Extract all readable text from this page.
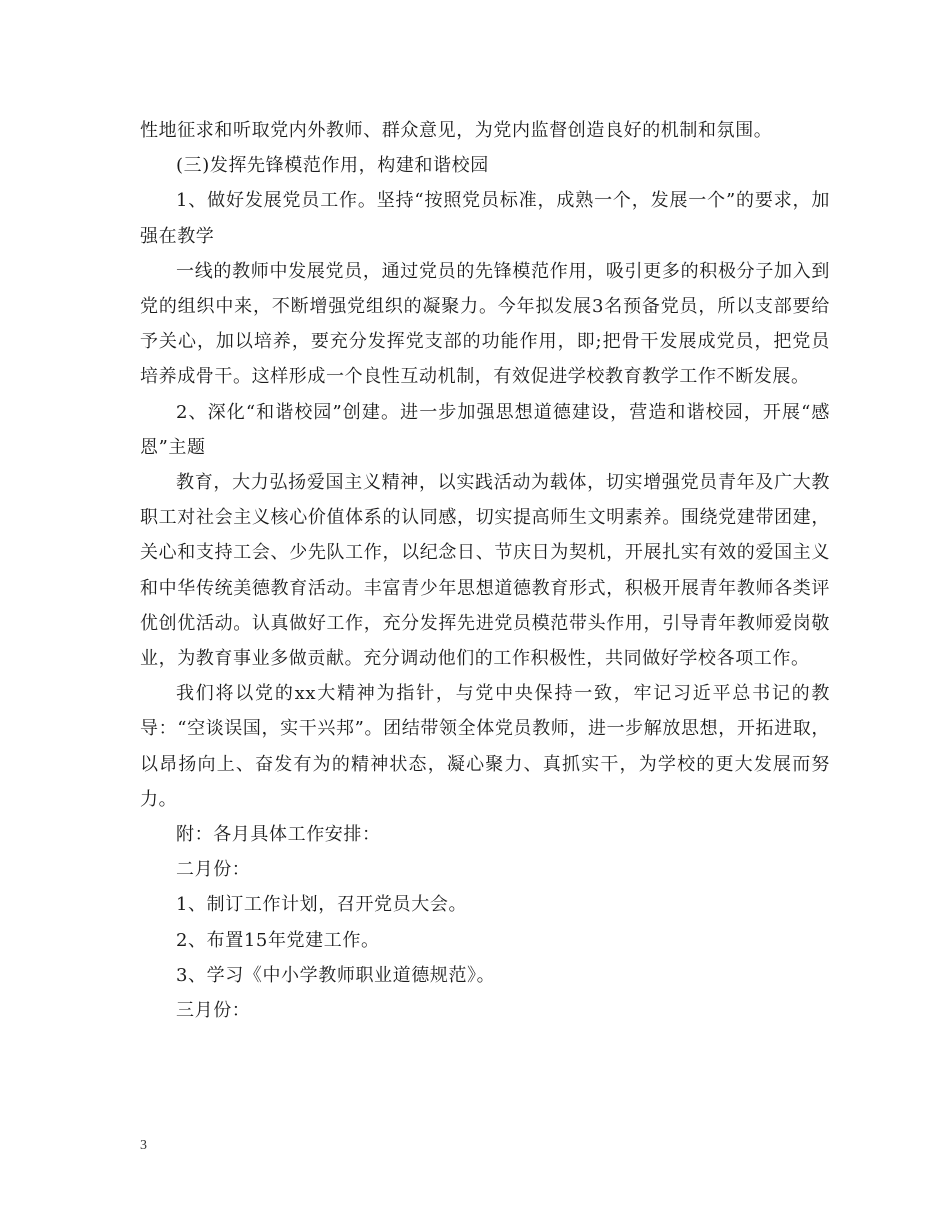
性地征求和听取党内外教师、群众意见，为党内监督创造良好的机制和氛围。

(三)发挥先锋模范作用，构建和谐校园

1、做好发展党员工作。坚持“按照党员标准，成熟一个，发展一个”的要求，加强在教学

一线的教师中发展党员，通过党员的先锋模范作用，吸引更多的积极分子加入到党的组织中来，不断增强党组织的凝聚力。今年拟发展3名预备党员，所以支部要给予关心，加以培养，要充分发挥党支部的功能作用，即;把骨干发展成党员，把党员培养成骨干。这样形成一个良性互动机制，有效促进学校教育教学工作不断发展。

2、深化“和谐校园”创建。进一步加强思想道德建设，营造和谐校园，开展“感恩”主题

教育，大力弘扬爱国主义精神，以实践活动为载体，切实增强党员青年及广大教职工对社会主义核心价值体系的认同感，切实提高师生文明素养。围绕党建带团建，关心和支持工会、少先队工作，以纪念日、节庆日为契机，开展扎实有效的爱国主义和中华传统美德教育活动。丰富青少年思想道德教育形式，积极开展青年教师各类评优创优活动。认真做好工作，充分发挥先进党员模范带头作用，引导青年教师爱岗敬业，为教育事业多做贡献。充分调动他们的工作积极性，共同做好学校各项工作。

我们将以党的xx大精神为指针，与党中央保持一致，牢记习近平总书记的教导：“空谈误国，实干兴邦”。团结带领全体党员教师，进一步解放思想，开拓进取，以昂扬向上、奋发有为的精神状态，凝心聚力、真抓实干，为学校的更大发展而努力。

附：各月具体工作安排：

二月份：

1、制订工作计划，召开党员大会。

2、布置15年党建工作。

3、学习《中小学教师职业道德规范》。

三月份：

3
